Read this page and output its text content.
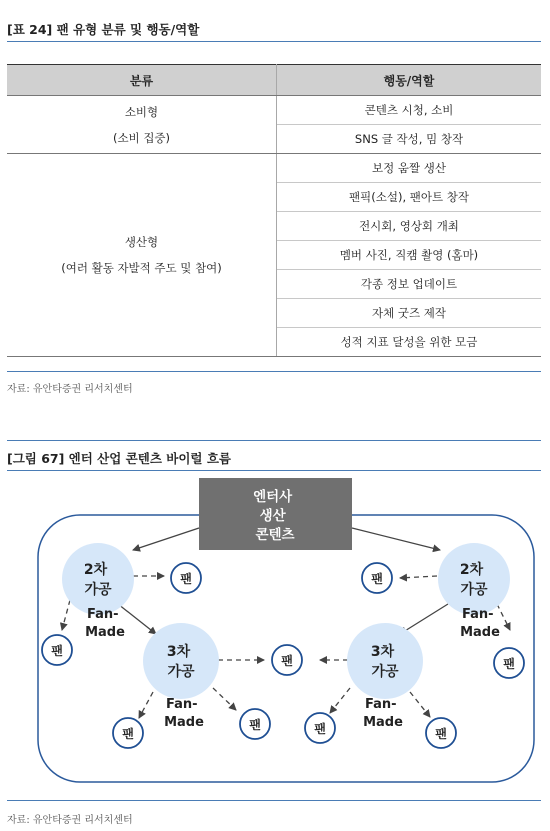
[표 24] 팬 유형 분류 및 행동/역할
분류	행동/역할

소비형
(소비 집중)	콘텐츠 시청, 소비
	SNS 글 작성, 밈 창작

생산형
(여러 활동 자발적 주도 및 참여)	보정 움짤 생산
	팬픽(소설), 팬아트 창작
	전시회, 영상회 개최
	멤버 사진, 직캠 촬영 (홈마)
	각종 정보 업데이트
	자체 굿즈 제작
	성적 지표 달성을 위한 모금
자료: 유안타증권 리서치센터
[그림 67] 엔터 산업 콘텐츠 바이럴 흐름
엔터사 생산 콘텐츠
2차 가공
2차 가공
3차 가공
3차 가공
Fan- Made
Fan- Made
Fan- Made
Fan- Made
팬	팬
팬
팬
팬
팬
팬	팬	팬
자료: 유안타증권 리서치센터
